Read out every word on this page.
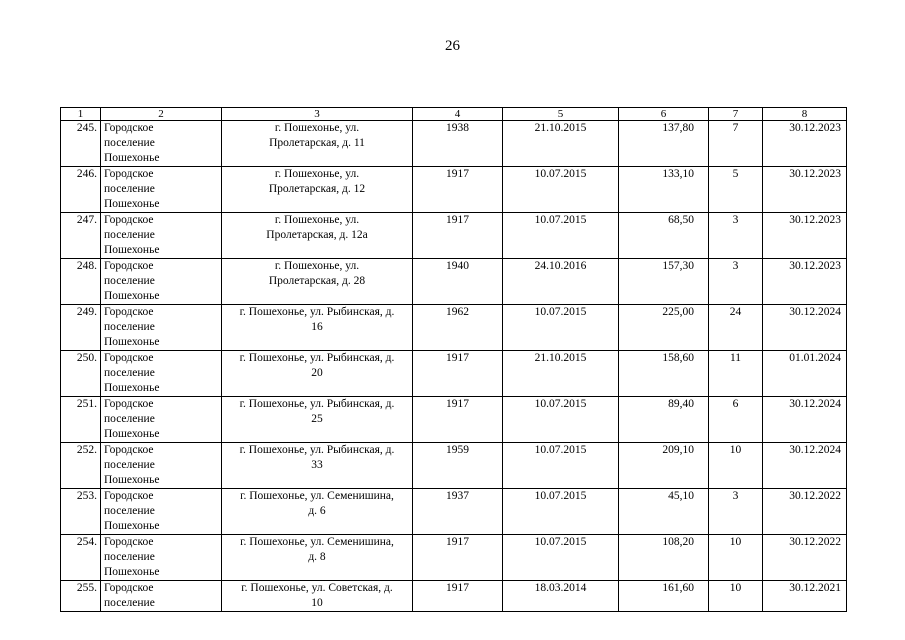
26
1	2	3	4	5	6	7	8
245.	Городское
поселение
Пошехонье	г. Пошехонье, ул.
Пролетарская, д. 11	1938	21.10.2015	137,80	7	30.12.2023
246.	Городское
поселение
Пошехонье	г. Пошехонье, ул.
Пролетарская, д. 12	1917	10.07.2015	133,10	5	30.12.2023
247.	Городское
поселение
Пошехонье	г. Пошехонье, ул.
Пролетарская, д. 12а	1917	10.07.2015	68,50	3	30.12.2023
248.	Городское
поселение
Пошехонье	г. Пошехонье, ул.
Пролетарская, д. 28	1940	24.10.2016	157,30	3	30.12.2023
249.	Городское
поселение
Пошехонье	г. Пошехонье, ул. Рыбинская, д.
16	1962	10.07.2015	225,00	24	30.12.2024
250.	Городское
поселение
Пошехонье	г. Пошехонье, ул. Рыбинская, д.
20	1917	21.10.2015	158,60	11	01.01.2024
251.	Городское
поселение
Пошехонье	г. Пошехонье, ул. Рыбинская, д.
25	1917	10.07.2015	89,40	6	30.12.2024
252.	Городское
поселение
Пошехонье	г. Пошехонье, ул. Рыбинская, д.
33	1959	10.07.2015	209,10	10	30.12.2024
253.	Городское
поселение
Пошехонье	г. Пошехонье, ул. Семенишина,
д. 6	1937	10.07.2015	45,10	3	30.12.2022
254.	Городское
поселение
Пошехонье	г. Пошехонье, ул. Семенишина,
д. 8	1917	10.07.2015	108,20	10	30.12.2022
255.	Городское
поселение	г. Пошехонье, ул. Советская, д.
10	1917	18.03.2014	161,60	10	30.12.2021
